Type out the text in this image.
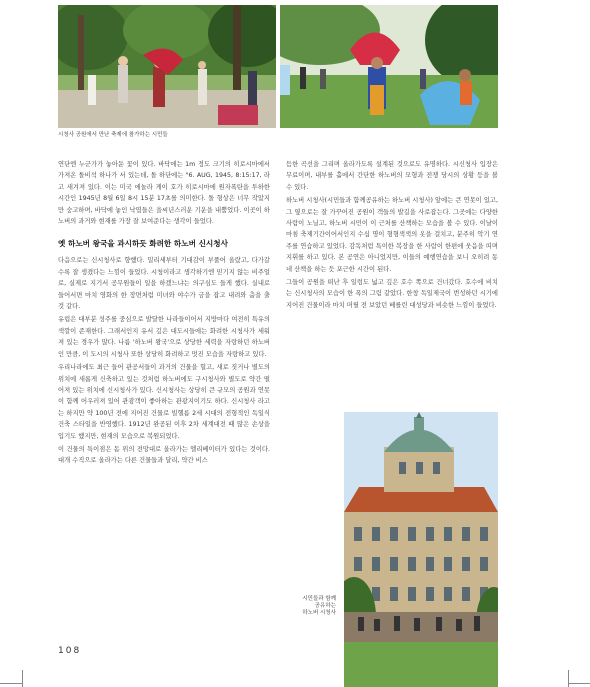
시청사 공원에서 만난 축제에 참가하는 시민들

연단엔 누군가가 놓아둔 꽃이 있다. 바닥에는 1m 정도 크기의 히로시마에서 가져온 돌비석 하나가 서 있는데, 돌 하단에는 "6. AUG, 1945, 8:15:17, 라고 새겨져 있다. 이는 미국 에놀라 게이 호가 히로시마에 원자폭탄을 투하한 시간인 1945년 8월 6일 8시 15분 17초를 의미한다. 돌 형상은 너무 작았지만 숭고하며, 바닥에 놓인 낙엽들은 을씨년스러운 기운을 내뿜었다. 이곳이 하노버의 과거와 현재를 가장 잘 보여준다는 생각이 들었다.

옛 하노버 왕국을 과시하듯 화려한 하노버 신시청사

다음으로는 신시청사로 향했다. 밀리세부터 기대감이 부풀어 올랐고, 다가갈수록 잘 생겼다는 느낌이 들었다. 시청이라고 생각하기엔 믿기지 않는 비주얼로, 실제로 지기서 공무원들이 일을 하겠느냐는 의구심도 들게 했다. 실내로 들어서면 마치 영화의 한 장면처럼 미녀와 야수가 금을 잡고 내려와 춤을 출 것 같다.

유럽은 대부분 성주를 중심으로 발달한 나라들이어서 지방마다 여전히 특유의 색깔이 존재한다. 그래서인지 유서 깊은 대도시들에는 화려한 시청사가 세워져 있는 경우가 많다. 나름 '하노버 왕국'으로 상당한 세력을 자랑하던 하노버인 만큼, 이 도시의 시청사 또한 상당히 화려하고 멋진 모습을 자랑하고 있다.

우리나라에도 최근 들어 관공서들이 과거의 건물을 헐고, 새로 짓거나 별도의 위치에 새롭게 신축하고 있는 것처럼 하노버에도 구시청사와 별도로 약간 떨어져 있는 위치에 신시청사가 있다. 신시청사는 상당히 큰 규모의 공원과 연못이 함께 어우러져 있어 관광객이 좋아하는 관광지이기도 하다. 신시청사 라고는 하지만 약 100년 전에 지어진 건물로 빌헬름 2세 시대의 전형적인 독일식 건축 스타일을 반영했다. 1912년 완공된 이후 2차 세계대전 때 많은 손상을 입기도 했지만, 현재의 모습으로 복원되었다.

이 건물의 특이점은 돔 위의 전망대로 올라가는 엘리베이터가 있다는 것이다. 대개 수직으로 올라가는 다른 건물들과 달리, 약간 비스

듬한 곡선을 그리며 올라가도록 설계된 것으로도 유명하다. 시신청사 입장은 무료이며, 내부를 홀에서 간단한 하노버의 모형과 전쟁 당시의 상황 등을 볼 수 있다.

하노버 시청사(시민들과 함께공유하는 하노버 시청사) 앞에는 큰 연못이 있고, 그 옆으로는 잘 가꾸어진 공원이 객들의 발길을 사로잡는다. 그곳에는 다양한 사람이 노닐고, 하노버 시민이 이 근처를 산책하는 모습을 볼 수 있다. 이날이 마침 축제기간이어서인지 수십 명이 형형색색의 옷을 걸치고, 분주히 악기 연주를 연습하고 있었다. 감독처럼 특이한 복장을 한 사람이 한편에 웃음을 띠며 지휘를 하고 있다. 본 공연은 아니었지만, 이들의 예행연습을 보니 오히려 동네 산책을 하는 듯 포근한 시간이 된다.

그들이 공원을 떠난 후 일렁도 넓고 깊은 호수 쪽으로 건너갔다. 호수에 비치는 신시청사의 모습이 한 폭의 그림 같았다. 한창 독일제국이 번성하던 시기에 지어진 건물이라 마치 머릴 전 보았던 베를린 대성당과 비슷한 느낌이 들었다.

시민들과 함께
공유하는
하노버 시청사
108
